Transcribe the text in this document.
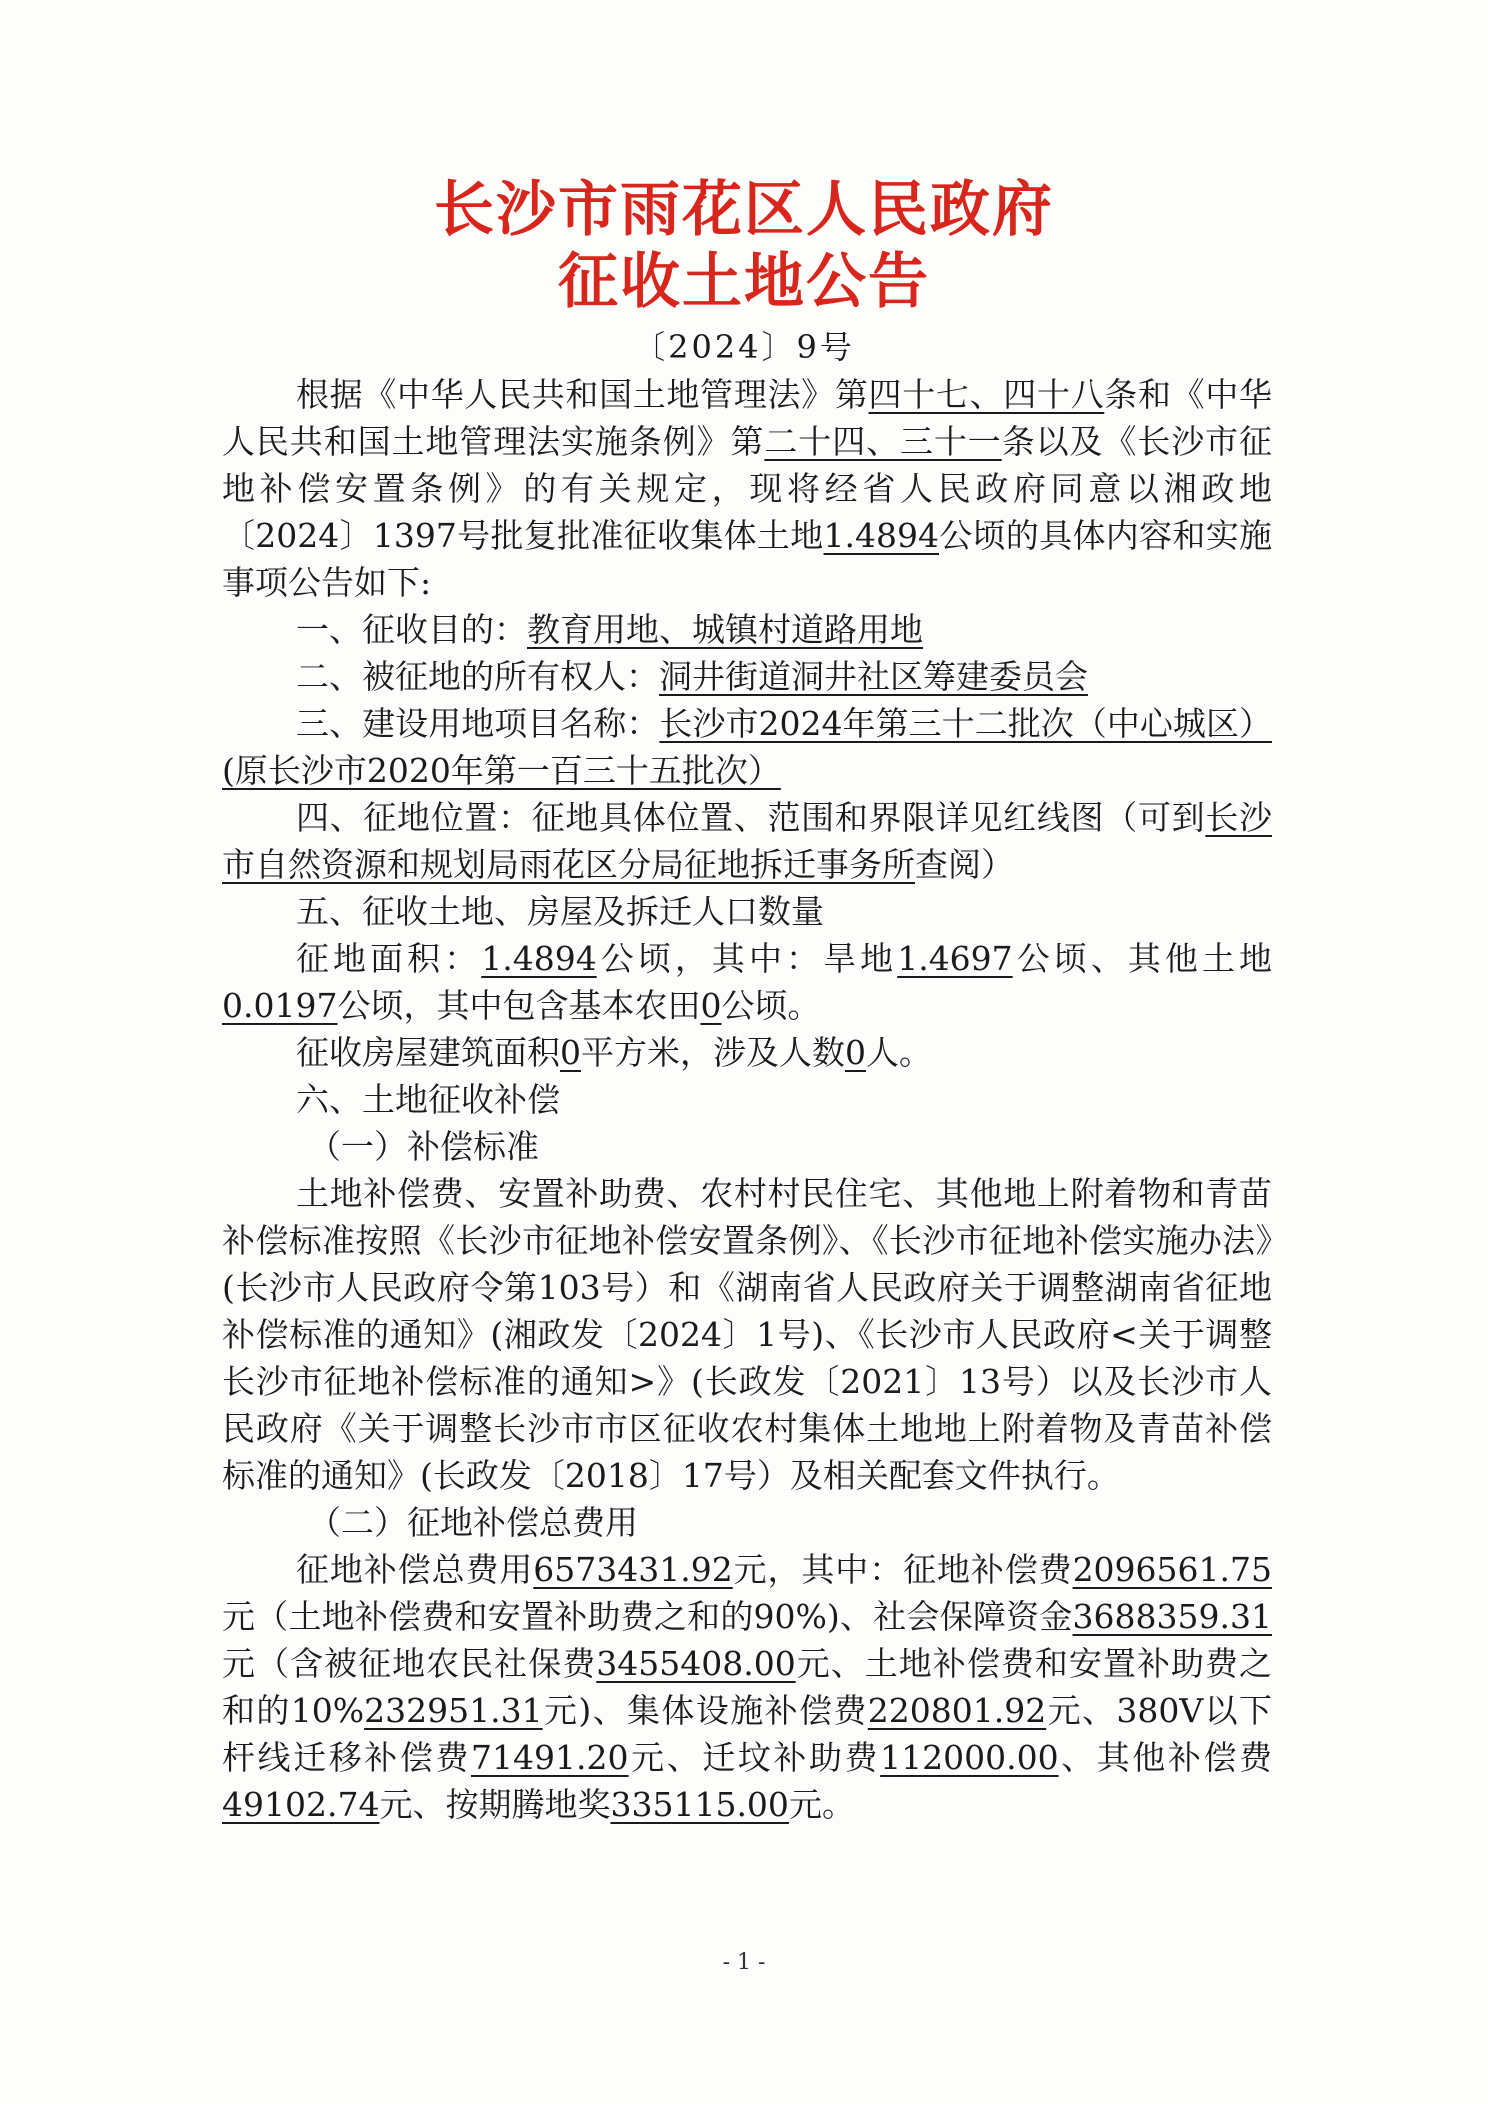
长沙市雨花区人民政府
征收土地公告
〔2024〕9号

根据《中华人民共和国土地管理法》第四十七、四十八条和《中华人民共和国土地管理法实施条例》第二十四、三十一条以及《长沙市征地补偿安置条例》的有关规定，现将经省人民政府同意以湘政地〔2024〕1397号批复批准征收集体土地1.4894公顷的具体内容和实施事项公告如下:

一、征收目的：教育用地、城镇村道路用地

二、被征地的所有权人：洞井街道洞井社区筹建委员会

三、建设用地项目名称：长沙市2024年第三十二批次（中心城区）(原长沙市2020年第一百三十五批次）

四、征地位置：征地具体位置、范围和界限详见红线图（可到长沙市自然资源和规划局雨花区分局征地拆迁事务所查阅）

五、征收土地、房屋及拆迁人口数量

征地面积：1.4894公顷，其中：旱地1.4697公顷、其他土地0.0197公顷，其中包含基本农田0公顷。

征收房屋建筑面积0平方米，涉及人数0人。

六、土地征收补偿

（一）补偿标准

土地补偿费、安置补助费、农村村民住宅、其他地上附着物和青苗补偿标准按照《长沙市征地补偿安置条例》、《长沙市征地补偿实施办法》(长沙市人民政府令第103号）和《湖南省人民政府关于调整湖南省征地补偿标准的通知》(湘政发〔2024〕1号)、《长沙市人民政府<关于调整长沙市征地补偿标准的通知>》(长政发〔2021〕13号）以及长沙市人民政府《关于调整长沙市市区征收农村集体土地地上附着物及青苗补偿标准的通知》(长政发〔2018〕17号）及相关配套文件执行。

（二）征地补偿总费用

征地补偿总费用6573431.92元，其中：征地补偿费2096561.75元（土地补偿费和安置补助费之和的90%)、社会保障资金3688359.31元（含被征地农民社保费3455408.00元、土地补偿费和安置补助费之和的10%232951.31元)、集体设施补偿费220801.92元、380V以下杆线迁移补偿费71491.20元、迁坟补助费112000.00、其他补偿费49102.74元、按期腾地奖335115.00元。

- 1 -
